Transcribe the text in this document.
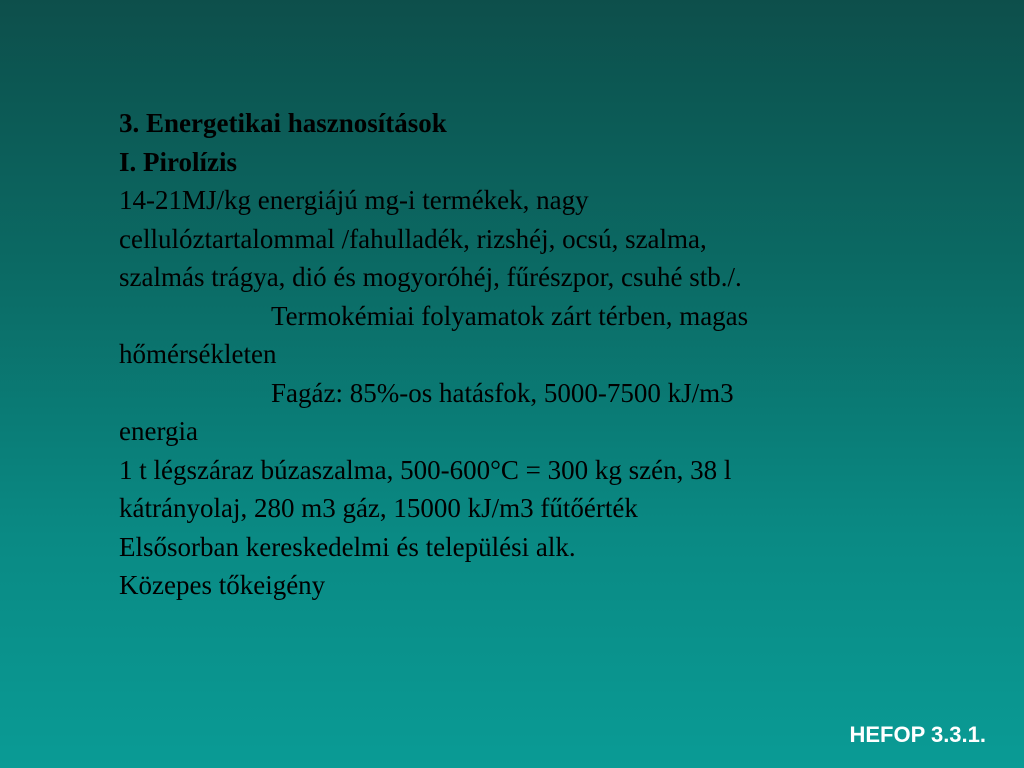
3. Energetikai hasznosítások
I. Pirolízis
14-21MJ/kg energiájú mg-i termékek, nagy
cellulóztartalommal /fahulladék, rizshéj, ocsú, szalma,
szalmás trágya, dió és mogyoróhéj, fűrészpor, csuhé stb./.
Termokémiai folyamatok zárt térben, magas
hőmérsékleten
Fagáz: 85%-os hatásfok, 5000-7500 kJ/m3
energia
1 t légszáraz búzaszalma, 500-600°C = 300 kg szén, 38 l
kátrányolaj, 280 m3 gáz, 15000 kJ/m3 fűtőérték
Elsősorban kereskedelmi és települési alk.
Közepes tőkeigény
HEFOP 3.3.1.
